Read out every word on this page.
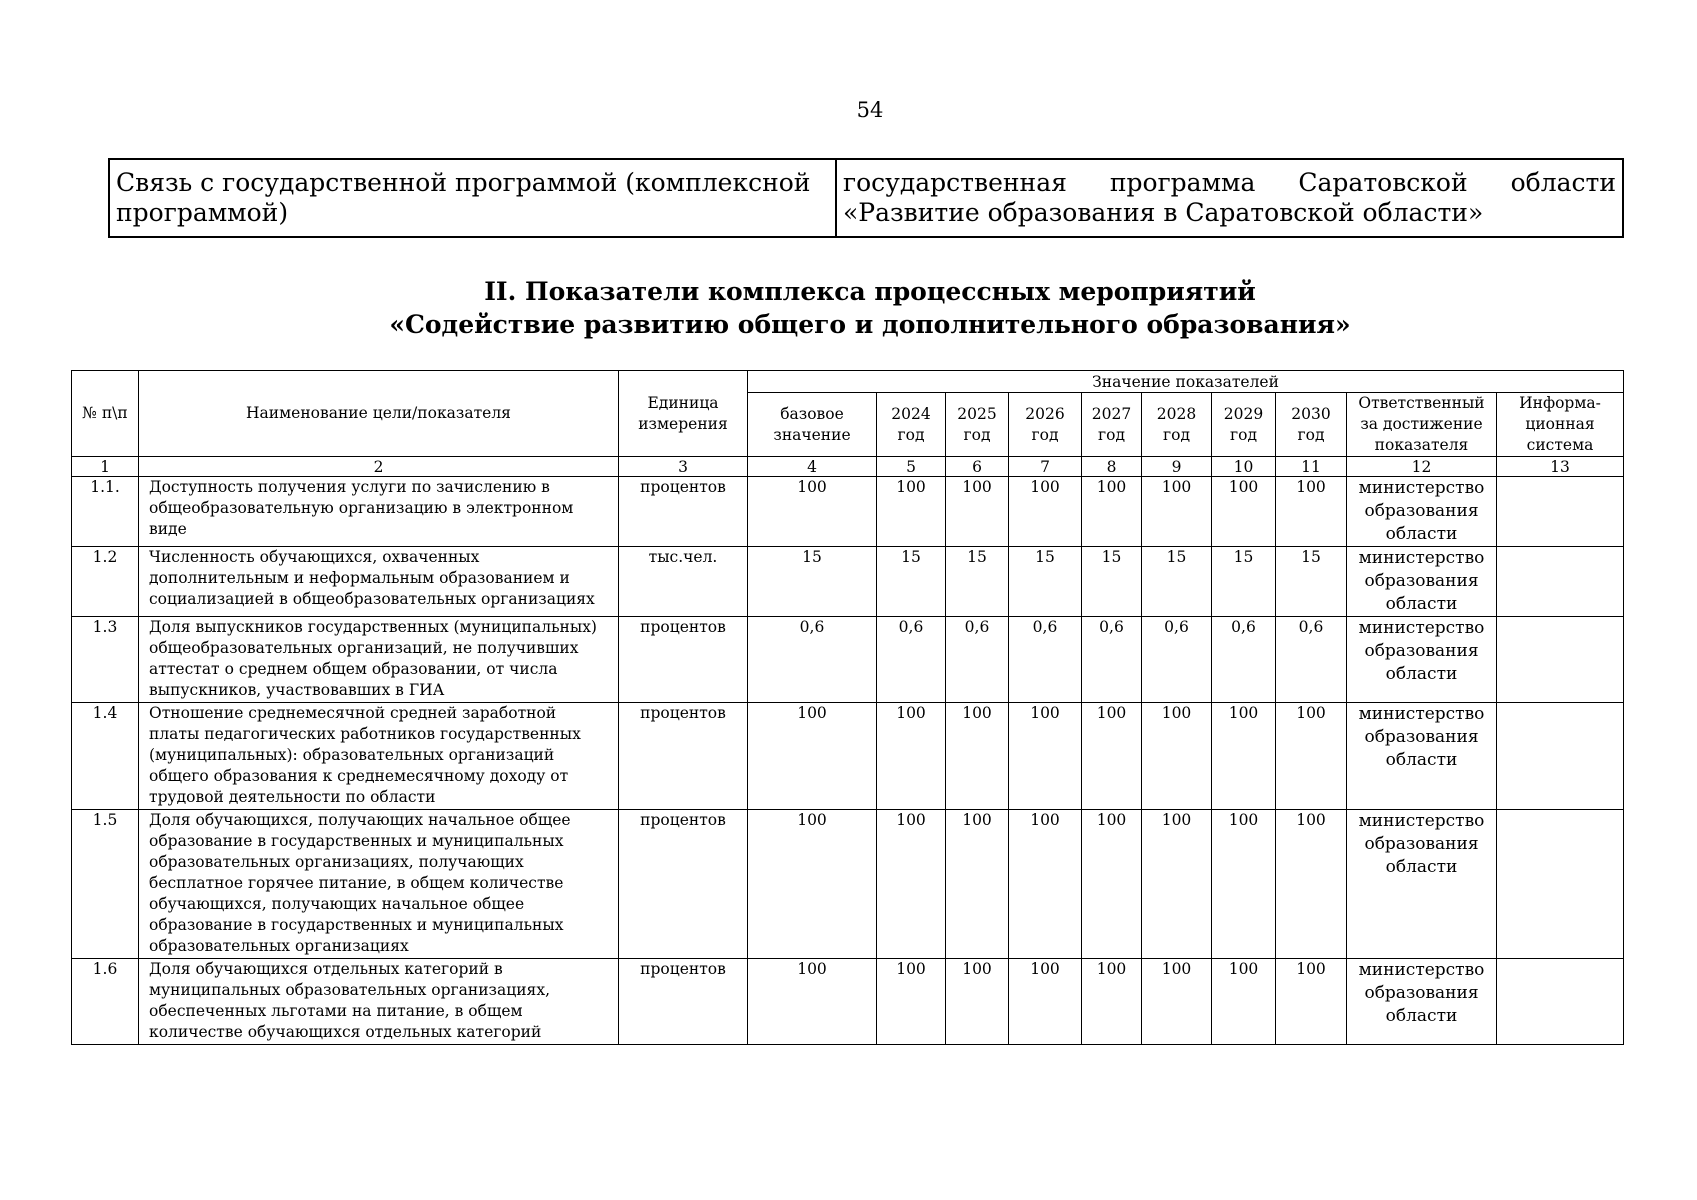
54
Связь с государственной программой (комплексной программой)	государственная программа Саратовской области «Развитие образования в Саратовской области»
II. Показатели комплекса процессных мероприятий
«Содействие развитию общего и дополнительного образования»
№ п\п	Наименование цели/показателя	Единица измерения	Значение показателей									
			базовое значение	2024 год	2025 год	2026 год	2027 год	2028 год	2029 год	2030 год	Ответственный за достижение показателя	Информа-ционная система
1	2	3	4	5	6	7	8	9	10	11	12	13
1.1.	Доступность получения услуги по зачислению в общеобразовательную организацию в электронном виде	процентов	100	100	100	100	100	100	100	100	министерство образования области	
1.2	Численность обучающихся, охваченных дополнительным и неформальным образованием и социализацией в общеобразовательных организациях	тыс.чел.	15	15	15	15	15	15	15	15	министерство образования области	
1.3	Доля выпускников государственных (муниципальных) общеобразовательных организаций, не получивших аттестат о среднем общем образовании, от числа выпускников, участвовавших в ГИА	процентов	0,6	0,6	0,6	0,6	0,6	0,6	0,6	0,6	министерство образования области	
1.4	Отношение среднемесячной средней заработной платы педагогических работников государственных (муниципальных): образовательных организаций общего образования к среднемесячному доходу от трудовой деятельности по области	процентов	100	100	100	100	100	100	100	100	министерство образования области	
1.5	Доля обучающихся, получающих начальное общее образование в государственных и муниципальных образовательных организациях, получающих бесплатное горячее питание, в общем количестве обучающихся, получающих начальное общее образование в государственных и муниципальных образовательных организациях	процентов	100	100	100	100	100	100	100	100	министерство образования области	
1.6	Доля обучающихся отдельных категорий в муниципальных образовательных организациях, обеспеченных льготами на питание, в общем количестве обучающихся отдельных категорий	процентов	100	100	100	100	100	100	100	100	министерство образования области	
